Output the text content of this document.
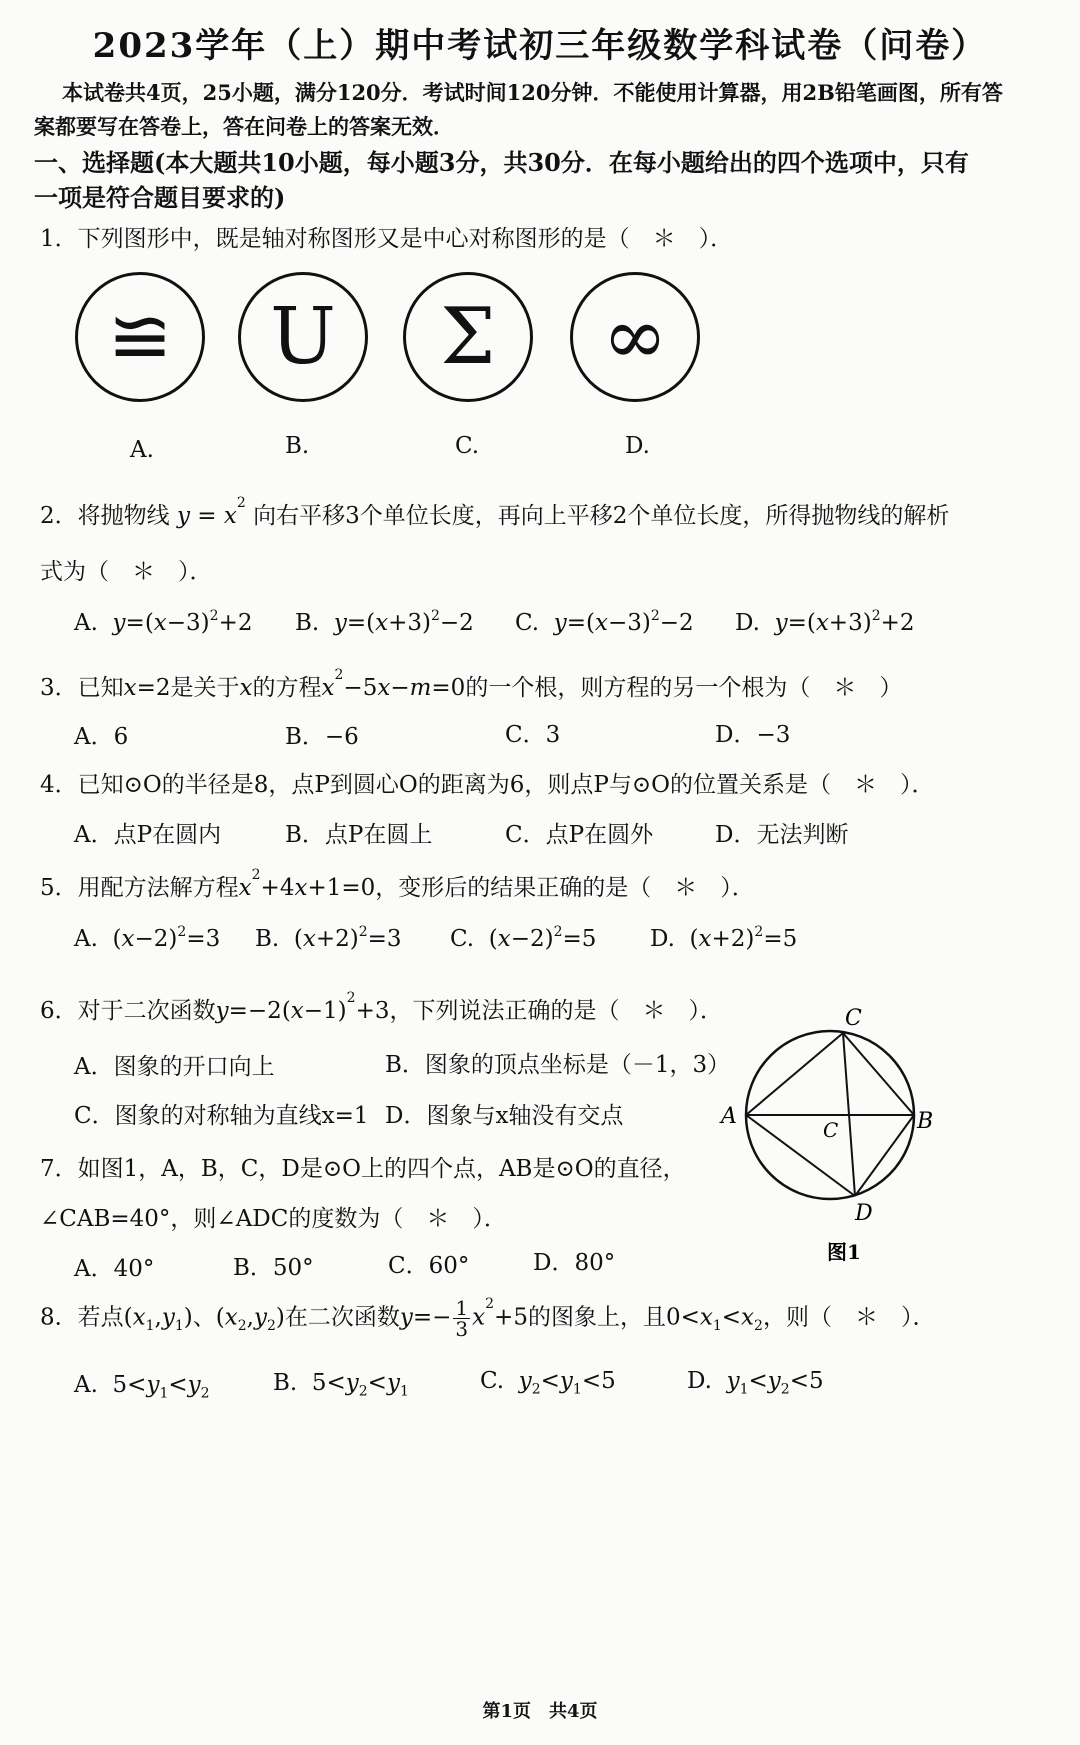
2023学年（上）期中考试初三年级数学科试卷（问卷）
本试卷共4页，25小题，满分120分．考试时间120分钟．不能使用计算器，用2B铅笔画图，所有答
案都要写在答卷上，答在问卷上的答案无效．
一、选择题(本大题共10小题，每小题3分，共30分．在每小题给出的四个选项中，只有
一项是符合题目要求的)
1．下列图形中，既是轴对称图形又是中心对称图形的是（　＊　）．
≌ U Σ ∞
A.	B.	C.	D.
2．将抛物线 $y = x^2$ 向右平移3个单位长度，再向上平移2个单位长度，所得抛物线的解析
式为（　＊　）．
A. $y=(x-3)^2+2$ B. $y=(x+3)^2-2$ C. $y=(x-3)^2-2$ D. $y=(x+3)^2+2$
3．已知x=2是关于x的方程$x^2-5x-m=0$的一个根，则方程的另一个根为（　＊　）
A．6	B．−6	C．3	D．−3
4．已知⊙O的半径是8，点P到圆心O的距离为6，则点P与⊙O的位置关系是（　＊　）．
A．点P在圆内	B．点P在圆上	C．点P在圆外	D．无法判断
5．用配方法解方程$x^2+4x+1=0$，变形后的结果正确的是（　＊　）．
A.  $(x-2)^2=3$ B.  $(x+2)^2=3$ C.  $(x-2)^2=5$ D.  $(x+2)^2=5$
6．对于二次函数$y=-2(x-1)^2+3$，下列说法正确的是（　＊　）．
A．图象的开口向上	B．图象的顶点坐标是（－1，3）
C．图象的对称轴为直线x=1 D．图象与x轴没有交点
7．如图1，A，B，C，D是⊙O上的四个点，AB是⊙O的直径，
∠CAB=40°，则∠ADC的度数为（　＊　）．
A．40°	B．50°	C．60°	D．80°
C
A	B
D
C
图1
8．若点$(x_1,y_1)$、$(x_2,y_2)$在二次函数$y=- \frac{1}{3} x^2+5$的图象上，且$0<x_1<x_2$，则（　＊　）．
A.  $5<y_1<y_2$	B.  $5<y_2<y_1$	C. $y_2<y_1<5$	D. $y_1<y_2<5$
第1页　共4页
